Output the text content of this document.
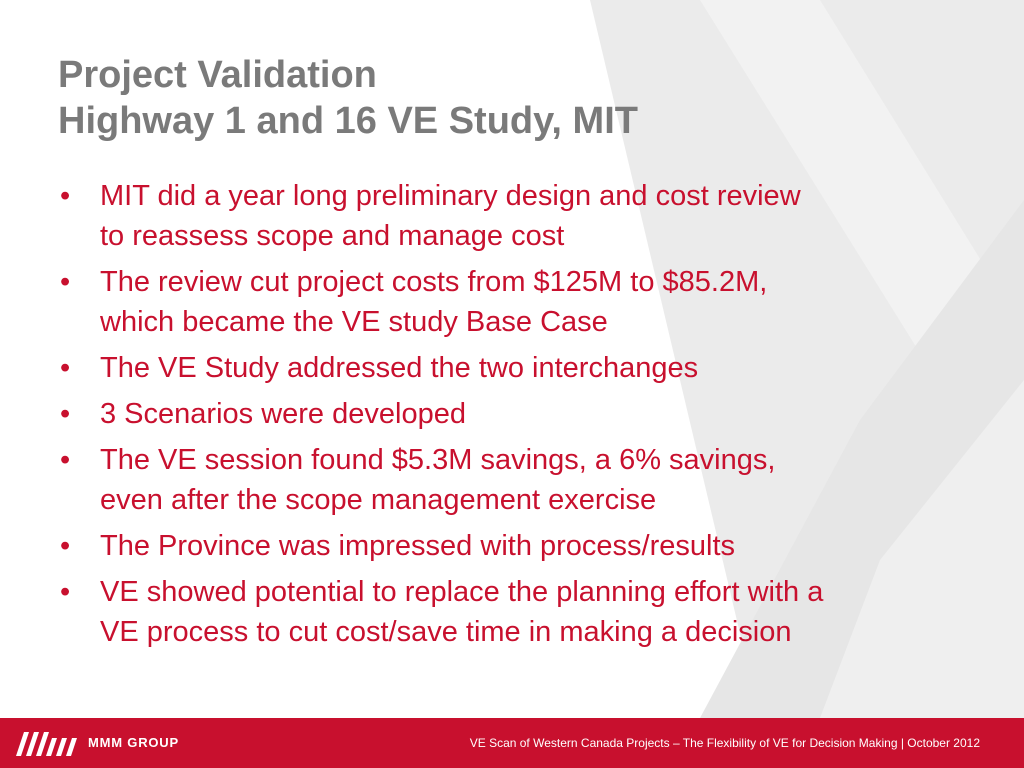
Project Validation
Highway 1 and 16 VE Study, MIT
• MIT did a year long preliminary design and cost review
to reassess scope and manage cost
• The review cut project costs from $125M to $85.2M,
which became the VE study Base Case
• The VE Study addressed the two interchanges
• 3 Scenarios were developed
• The VE session found $5.3M savings, a 6% savings,
even after the scope management exercise
• The Province was impressed with process/results
• VE showed potential to replace the planning effort with a
VE process to cut cost/save time in making a decision
MMM GROUP	VE Scan of Western Canada Projects – The Flexibility of VE for Decision Making | October 2012
